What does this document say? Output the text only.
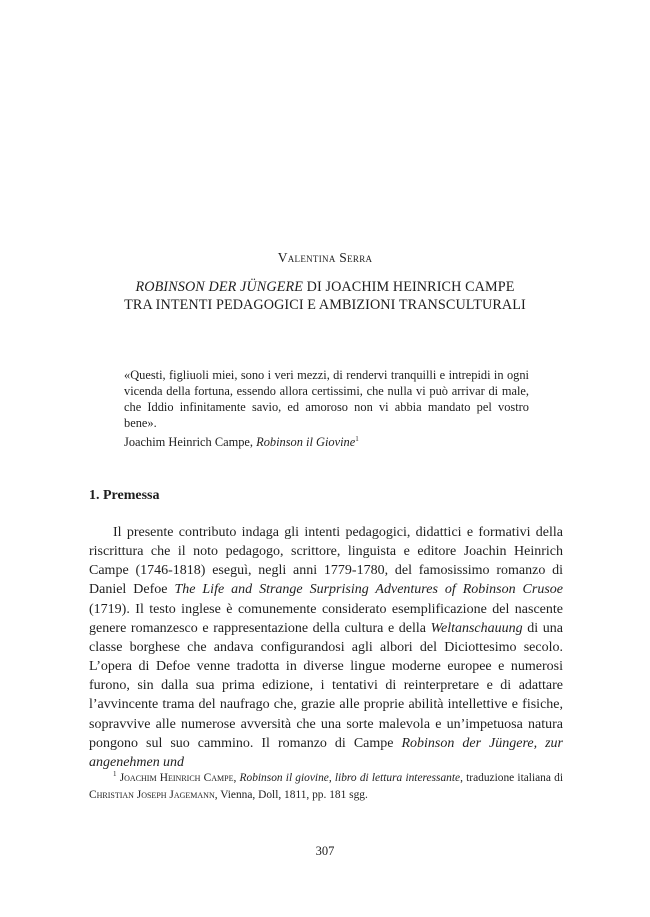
Valentina Serra
ROBINSON DER JÜNGERE DI JOACHIM HEINRICH CAMPE
TRA INTENTI PEDAGOGICI E AMBIZIONI TRANSCULTURALI
«Questi, figliuoli miei, sono i veri mezzi, di rendervi tranquilli e intrepidi in ogni vicenda della fortuna, essendo allora certissimi, che nulla vi può arrivar di male, che Iddio infinitamente savio, ed amoroso non vi abbia mandato pel vostro bene».
Joachim Heinrich Campe, Robinson il Giovine$^1$
1. Premessa

Il presente contributo indaga gli intenti pedagogici, didattici e formativi della riscrittura che il noto pedagogo, scrittore, linguista e editore Joachin Heinrich Campe (1746-1818) eseguì, negli anni 1779-1780, del famosissimo romanzo di Daniel Defoe The Life and Strange Surprising Adventures of Robinson Crusoe (1719). Il testo inglese è comunemente considerato esemplificazione del nascente genere romanzesco e rappresentazione della cultura e della Weltanschauung di una classe borghese che andava configurandosi agli albori del Diciottesimo secolo. L’opera di Defoe venne tradotta in diverse lingue moderne europee e numerosi furono, sin dalla sua prima edizione, i tentativi di reinterpretare e di adattare l’avvincente trama del naufrago che, grazie alle proprie abilità intellettive e fisiche, sopravvive alle numerose avversità che una sorte malevola e un’impetuosa natura pongono sul suo cammino. Il romanzo di Campe Robinson der Jüngere, zur angenehmen und

$^1$ Joachim Heinrich Campe, Robinson il giovine, libro di lettura interessante, traduzione italiana di Christian Joseph Jagemann, Vienna, Doll, 1811, pp. 181 sgg.

307
